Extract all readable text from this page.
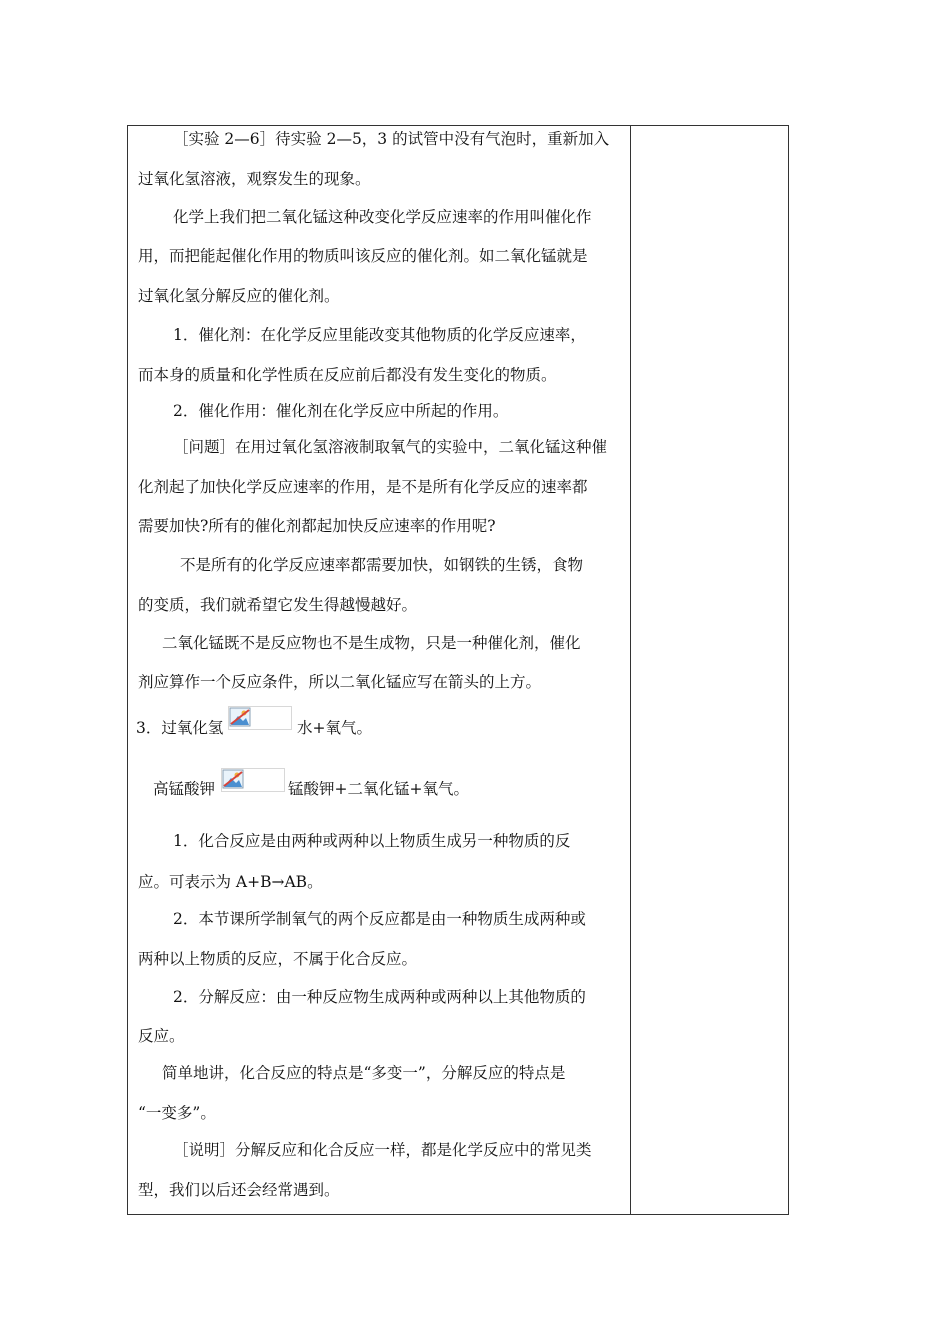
［实验 2—6］待实验 2—5，3 的试管中没有气泡时，重新加入

过氧化氢溶液，观察发生的现象。

化学上我们把二氧化锰这种改变化学反应速率的作用叫催化作

用，而把能起催化作用的物质叫该反应的催化剂。如二氧化锰就是

过氧化氢分解反应的催化剂。

1．催化剂：在化学反应里能改变其他物质的化学反应速率，

而本身的质量和化学性质在反应前后都没有发生变化的物质。

2．催化作用：催化剂在化学反应中所起的作用。

［问题］在用过氧化氢溶液制取氧气的实验中，二氧化锰这种催

化剂起了加快化学反应速率的作用，是不是所有化学反应的速率都

需要加快?所有的催化剂都起加快反应速率的作用呢?

不是所有的化学反应速率都需要加快，如钢铁的生锈，食物

的变质，我们就希望它发生得越慢越好。

二氧化锰既不是反应物也不是生成物，只是一种催化剂，催化

剂应算作一个反应条件，所以二氧化锰应写在箭头的上方。

3．过氧化氢	水+氧气。

高锰酸钾	锰酸钾+二氧化锰+氧气。

1．化合反应是由两种或两种以上物质生成另一种物质的反

应。可表示为 A+B→AB。

2．本节课所学制氧气的两个反应都是由一种物质生成两种或

两种以上物质的反应，不属于化合反应。

2．分解反应：由一种反应物生成两种或两种以上其他物质的

反应。

简单地讲，化合反应的特点是“多变一”，分解反应的特点是

“一变多”。

［说明］分解反应和化合反应一样，都是化学反应中的常见类

型，我们以后还会经常遇到。
